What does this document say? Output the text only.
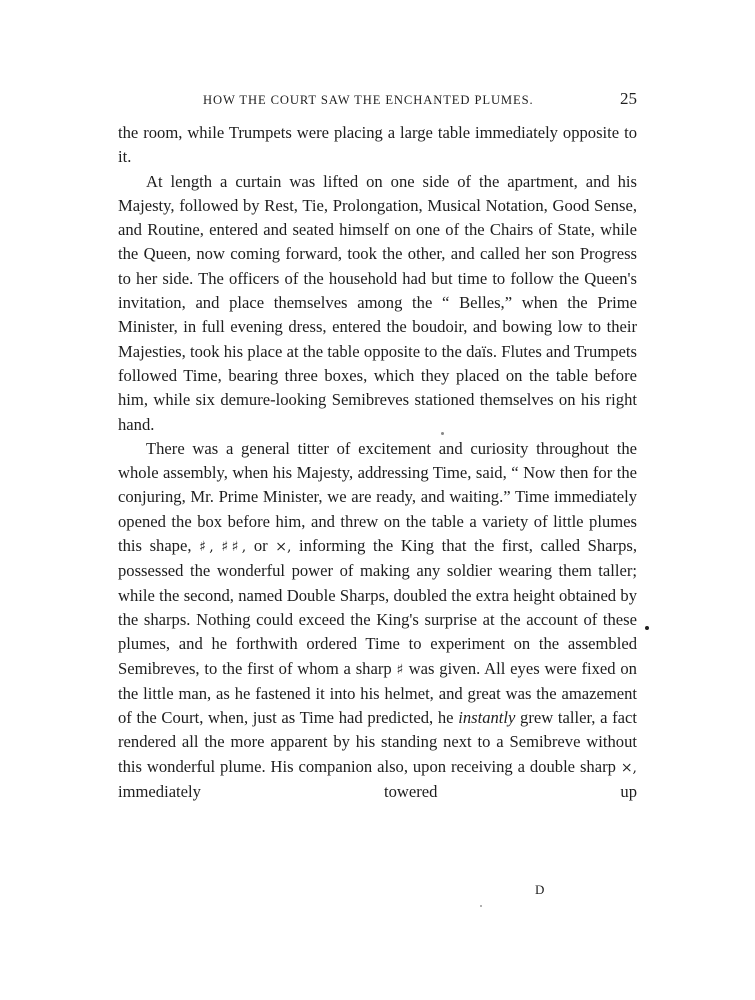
HOW THE COURT SAW THE ENCHANTED PLUMES.	25

the room, while Trumpets were placing a large table immediately opposite to it.

At length a curtain was lifted on one side of the apartment, and his Majesty, followed by Rest, Tie, Prolongation, Musical Notation, Good Sense, and Routine, entered and seated himself on one of the Chairs of State, while the Queen, now coming forward, took the other, and called her son Progress to her side. The officers of the household had but time to follow the Queen's invitation, and place themselves among the “ Belles,” when the Prime Minister, in full evening dress, entered the boudoir, and bowing low to their Majesties, took his place at the table opposite to the daïs. Flutes and Trumpets followed Time, bearing three boxes, which they placed on the table before him, while six demure-looking Semibreves stationed themselves on his right hand.

There was a general titter of excitement and curiosity throughout the whole assembly, when his Majesty, addressing Time, said, “ Now then for the conjuring, Mr. Prime Minister, we are ready, and waiting.” Time immediately opened the box before him, and threw on the table a variety of little plumes this shape, ♯, ♯♯, or ×, informing the King that the first, called Sharps, possessed the wonderful power of making any soldier wearing them taller; while the second, named Double Sharps, doubled the extra height obtained by the sharps. Nothing could exceed the King's surprise at the account of these plumes, and he forthwith ordered Time to experiment on the assembled Semibreves, to the first of whom a sharp ♯ was given. All eyes were fixed on the little man, as he fastened it into his helmet, and great was the amazement of the Court, when, just as Time had predicted, he instantly grew taller, a fact rendered all the more apparent by his standing next to a Semibreve without this wonderful plume. His companion also, upon receiving a double sharp ×, immediately towered up

D
